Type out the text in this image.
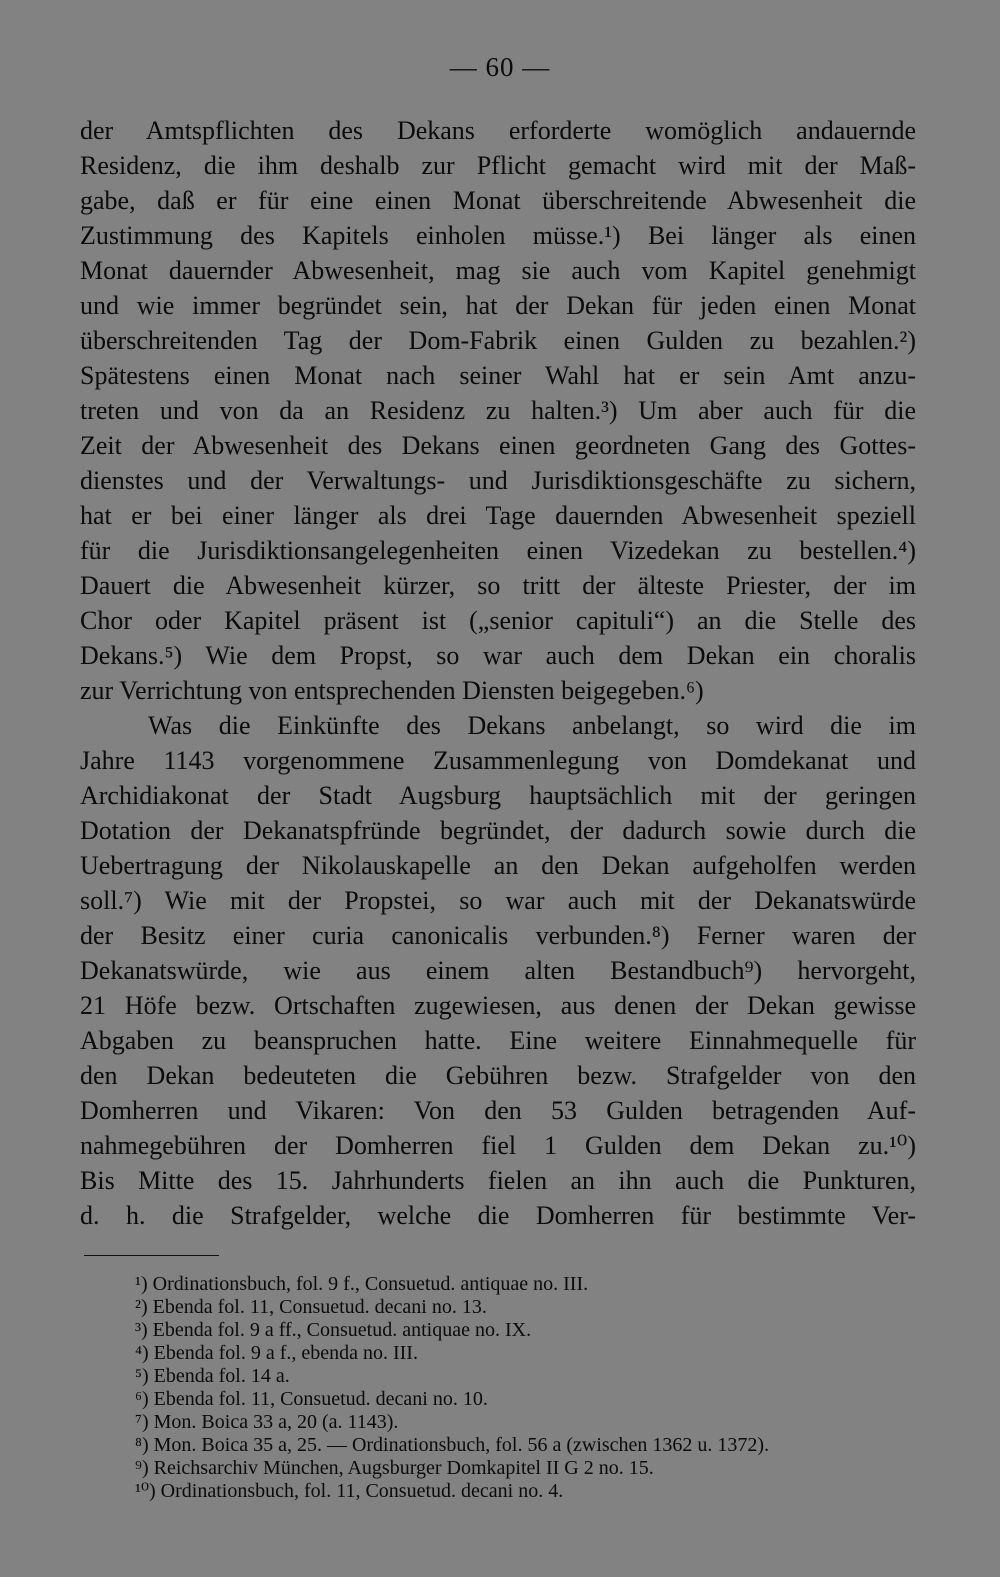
— 60 —
der Amtspflichten des Dekans erforderte womöglich andauernde
Residenz, die ihm deshalb zur Pflicht gemacht wird mit der Maß-
gabe, daß er für eine einen Monat überschreitende Abwesenheit die
Zustimmung des Kapitels einholen müsse.¹) Bei länger als einen
Monat dauernder Abwesenheit, mag sie auch vom Kapitel genehmigt
und wie immer begründet sein, hat der Dekan für jeden einen Monat
überschreitenden Tag der Dom-Fabrik einen Gulden zu bezahlen.²)
Spätestens einen Monat nach seiner Wahl hat er sein Amt anzu-
treten und von da an Residenz zu halten.³) Um aber auch für die
Zeit der Abwesenheit des Dekans einen geordneten Gang des Gottes-
dienstes und der Verwaltungs- und Jurisdiktionsgeschäfte zu sichern,
hat er bei einer länger als drei Tage dauernden Abwesenheit speziell
für die Jurisdiktionsangelegenheiten einen Vizedekan zu bestellen.⁴)
Dauert die Abwesenheit kürzer, so tritt der älteste Priester, der im
Chor oder Kapitel präsent ist („senior capituli“) an die Stelle des
Dekans.⁵) Wie dem Propst, so war auch dem Dekan ein choralis
zur Verrichtung von entsprechenden Diensten beigegeben.⁶)
Was die Einkünfte des Dekans anbelangt, so wird die im
Jahre 1143 vorgenommene Zusammenlegung von Domdekanat und
Archidiakonat der Stadt Augsburg hauptsächlich mit der geringen
Dotation der Dekanatspfründe begründet, der dadurch sowie durch die
Uebertragung der Nikolauskapelle an den Dekan aufgeholfen werden
soll.⁷) Wie mit der Propstei, so war auch mit der Dekanatswürde
der Besitz einer curia canonicalis verbunden.⁸) Ferner waren der
Dekanatswürde, wie aus einem alten Bestandbuch⁹) hervorgeht,
21 Höfe bezw. Ortschaften zugewiesen, aus denen der Dekan gewisse
Abgaben zu beanspruchen hatte. Eine weitere Einnahmequelle für
den Dekan bedeuteten die Gebühren bezw. Strafgelder von den
Domherren und Vikaren: Von den 53 Gulden betragenden Auf-
nahmegebühren der Domherren fiel 1 Gulden dem Dekan zu.¹⁰)
Bis Mitte des 15. Jahrhunderts fielen an ihn auch die Punkturen,
d. h. die Strafgelder, welche die Domherren für bestimmte Ver-
¹) Ordinationsbuch, fol. 9 f., Consuetud. antiquae no. III.
²) Ebenda fol. 11, Consuetud. decani no. 13.
³) Ebenda fol. 9 a ff., Consuetud. antiquae no. IX.
⁴) Ebenda fol. 9 a f., ebenda no. III.
⁵) Ebenda fol. 14 a.
⁶) Ebenda fol. 11, Consuetud. decani no. 10.
⁷) Mon. Boica 33 a, 20 (a. 1143).
⁸) Mon. Boica 35 a, 25. — Ordinationsbuch, fol. 56 a (zwischen 1362 u. 1372).
⁹) Reichsarchiv München, Augsburger Domkapitel II G 2 no. 15.
¹⁰) Ordinationsbuch, fol. 11, Consuetud. decani no. 4.
